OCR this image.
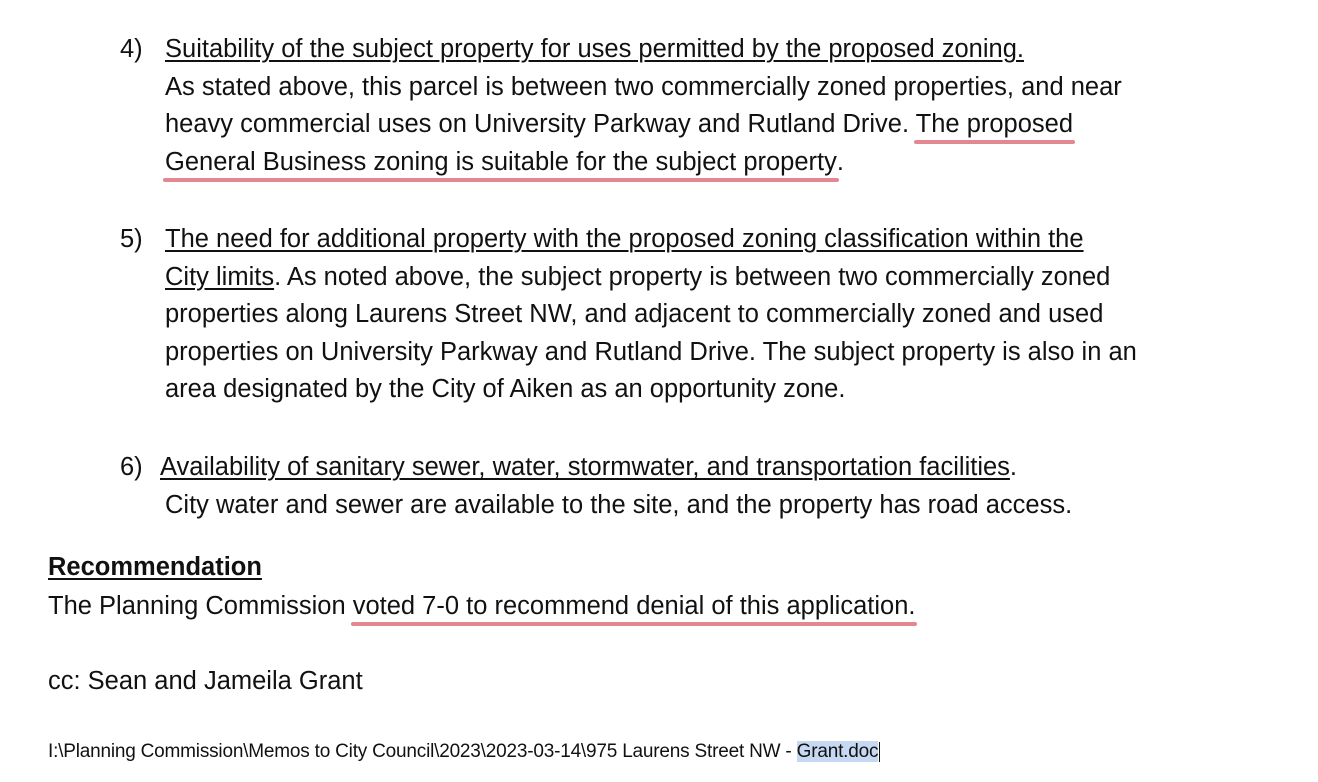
4) Suitability of the subject property for uses permitted by the proposed zoning.
As stated above, this parcel is between two commercially zoned properties, and near
heavy commercial uses on University Parkway and Rutland Drive. The proposed
General Business zoning is suitable for the subject property.
5) The need for additional property with the proposed zoning classification within the
City limits. As noted above, the subject property is between two commercially zoned
properties along Laurens Street NW, and adjacent to commercially zoned and used
properties on University Parkway and Rutland Drive. The subject property is also in an
area designated by the City of Aiken as an opportunity zone.
6) Availability of sanitary sewer, water, stormwater, and transportation facilities.
City water and sewer are available to the site, and the property has road access.
Recommendation
The Planning Commission voted 7-0 to recommend denial of this application.
cc: Sean and Jameila Grant
I:\Planning Commission\Memos to City Council\2023\2023-03-14\975 Laurens Street NW - Grant.doc
